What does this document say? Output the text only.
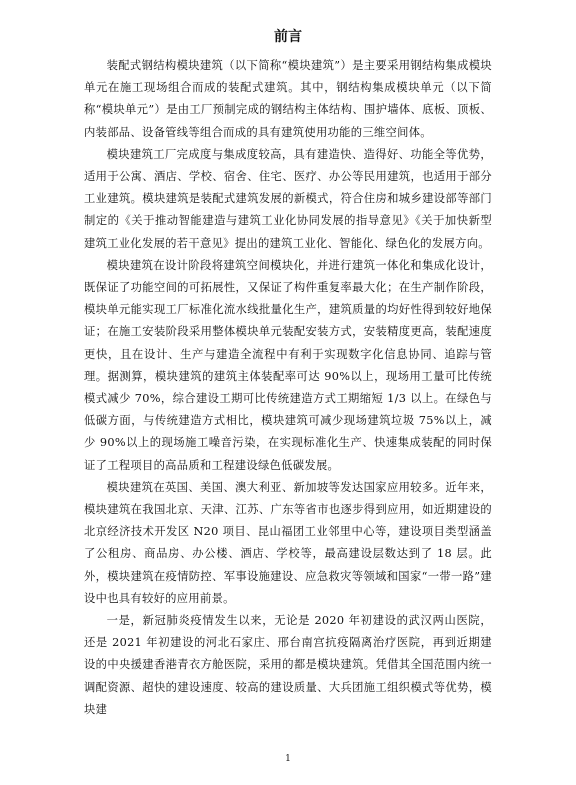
前言

装配式钢结构模块建筑（以下简称“模块建筑”）是主要采用钢结构集成模块单元在施工现场组合而成的装配式建筑。其中，钢结构集成模块单元（以下简称“模块单元”）是由工厂预制完成的钢结构主体结构、围护墙体、底板、顶板、内装部品、设备管线等组合而成的具有建筑使用功能的三维空间体。

模块建筑工厂完成度与集成度较高，具有建造快、造得好、功能全等优势，适用于公寓、酒店、学校、宿舍、住宅、医疗、办公等民用建筑，也适用于部分工业建筑。模块建筑是装配式建筑发展的新模式，符合住房和城乡建设部等部门制定的《关于推动智能建造与建筑工业化协同发展的指导意见》《关于加快新型建筑工业化发展的若干意见》提出的建筑工业化、智能化、绿色化的发展方向。

模块建筑在设计阶段将建筑空间模块化，并进行建筑一体化和集成化设计，既保证了功能空间的可拓展性，又保证了构件重复率最大化；在生产制作阶段，模块单元能实现工厂标准化流水线批量化生产，建筑质量的均好性得到较好地保证；在施工安装阶段采用整体模块单元装配安装方式，安装精度更高，装配速度更快，且在设计、生产与建造全流程中有利于实现数字化信息协同、追踪与管理。据测算，模块建筑的建筑主体装配率可达 90%以上，现场用工量可比传统模式减少 70%，综合建设工期可比传统建造方式工期缩短 1/3 以上。在绿色与低碳方面，与传统建造方式相比，模块建筑可减少现场建筑垃圾 75%以上，减少 90%以上的现场施工噪音污染，在实现标准化生产、快速集成装配的同时保证了工程项目的高品质和工程建设绿色低碳发展。

模块建筑在英国、美国、澳大利亚、新加坡等发达国家应用较多。近年来，模块建筑在我国北京、天津、江苏、广东等省市也逐步得到应用，如近期建设的北京经济技术开发区 N20 项目、昆山福团工业邻里中心等，建设项目类型涵盖了公租房、商品房、办公楼、酒店、学校等，最高建设层数达到了 18 层。此外，模块建筑在疫情防控、军事设施建设、应急救灾等领域和国家“一带一路”建设中也具有较好的应用前景。

一是，新冠肺炎疫情发生以来，无论是 2020 年初建设的武汉两山医院，还是 2021 年初建设的河北石家庄、邢台南宫抗疫隔离治疗医院，再到近期建设的中央援建香港青衣方舱医院，采用的都是模块建筑。凭借其全国范围内统一调配资源、超快的建设速度、较高的建设质量、大兵团施工组织模式等优势，模块建

1
